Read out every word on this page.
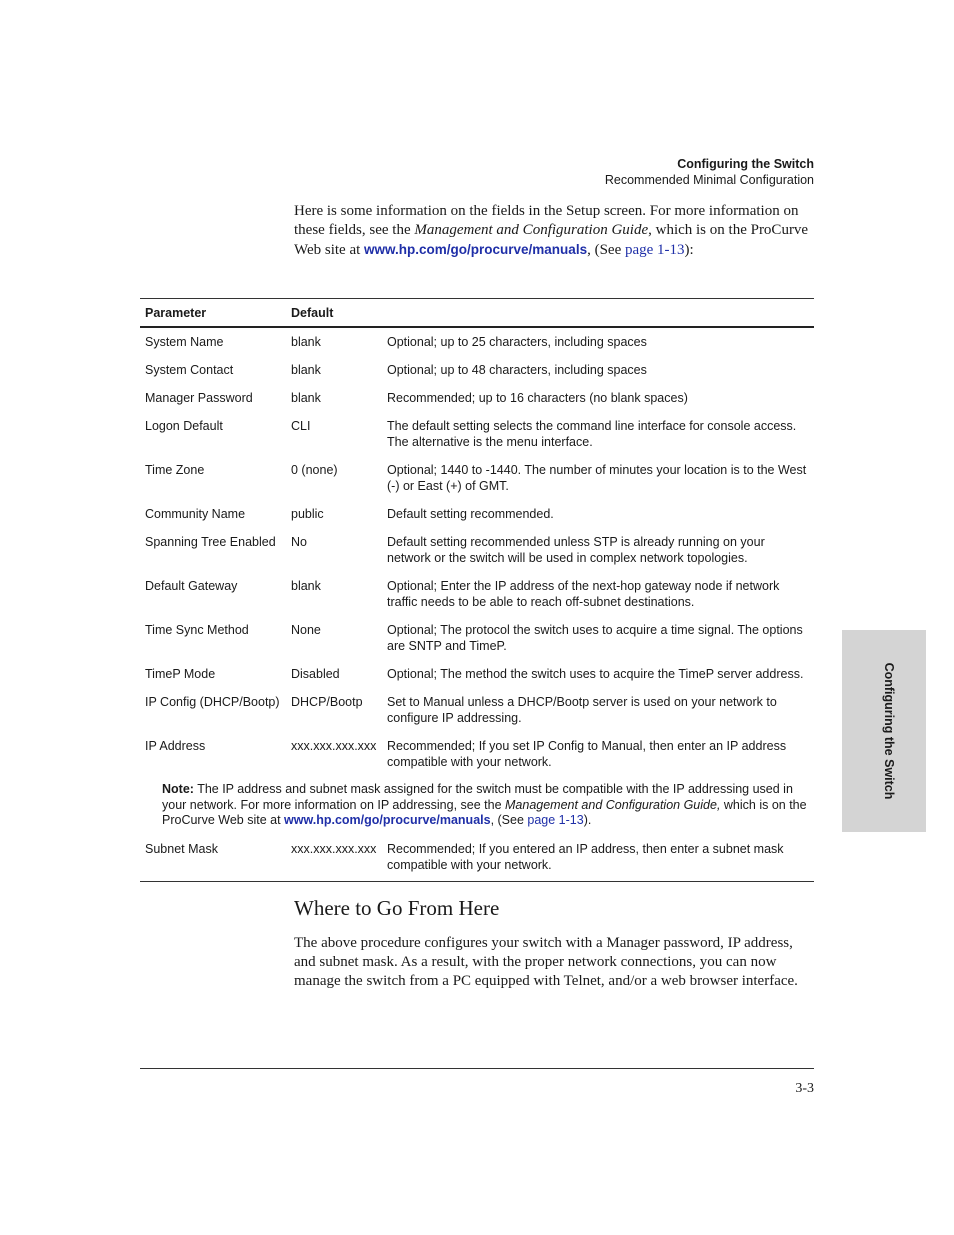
Configuring the Switch
Recommended Minimal Configuration

Here is some information on the fields in the Setup screen. For more information on these fields, see the Management and Configuration Guide, which is on the ProCurve Web site at www.hp.com/go/procurve/manuals, (See page 1-13):

Parameter	Default
System Name	blank	Optional; up to 25 characters, including spaces
System Contact	blank	Optional; up to 48 characters, including spaces
Manager Password	blank	Recommended; up to 16 characters (no blank spaces)
Logon Default	CLI	The default setting selects the command line interface for console access. The alternative is the menu interface.
Time Zone	0 (none)	Optional; 1440 to -1440. The number of minutes your location is to the West (-) or East (+) of GMT.
Community Name	public	Default setting recommended.
Spanning Tree Enabled	No	Default setting recommended unless STP is already running on your network or the switch will be used in complex network topologies.
Default Gateway	blank	Optional; Enter the IP address of the next-hop gateway node if network traffic needs to be able to reach off-subnet destinations.
Time Sync Method	None	Optional; The protocol the switch uses to acquire a time signal. The options are SNTP and TimeP.
TimeP Mode	Disabled	Optional; The method the switch uses to acquire the TimeP server address.
IP Config (DHCP/Bootp) DHCP/Bootp	Set to Manual unless a DHCP/Bootp server is used on your network to configure IP addressing.
IP Address	xxx.xxx.xxx.xxx Recommended; If you set IP Config to Manual, then enter an IP address compatible with your network.
Note: The IP address and subnet mask assigned for the switch must be compatible with the IP addressing used in your network. For more information on IP addressing, see the Management and Configuration Guide, which is on the ProCurve Web site at www.hp.com/go/procurve/manuals, (See page 1-13).
Subnet Mask	xxx.xxx.xxx.xxx Recommended; If you entered an IP address, then enter a subnet mask compatible with your network.
Where to Go From Here

The above procedure configures your switch with a Manager password, IP address, and subnet mask. As a result, with the proper network connections, you can now manage the switch from a PC equipped with Telnet, and/or a web browser interface.

3-3
Configuring the Switch
